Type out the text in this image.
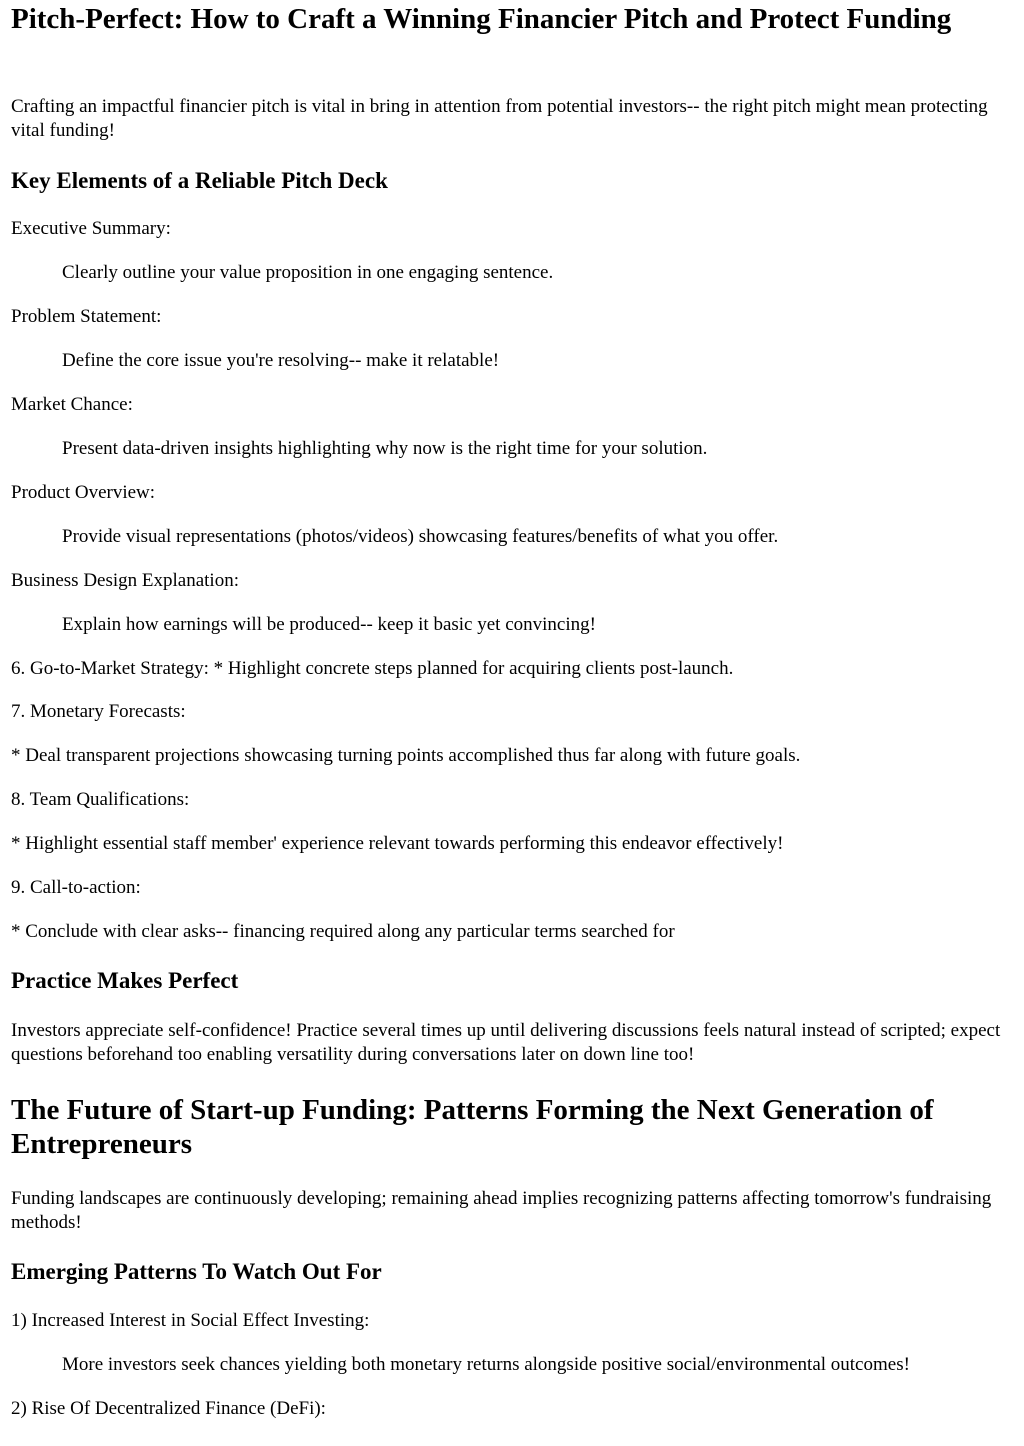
Pitch-Perfect: How to Craft a Winning Financier Pitch and Protect Funding

Crafting an impactful financier pitch is vital in bring in attention from potential investors-- the right pitch might mean protecting vital funding!

Key Elements of a Reliable Pitch Deck

Executive Summary:

Clearly outline your value proposition in one engaging sentence.

Problem Statement:

Define the core issue you're resolving-- make it relatable!

Market Chance:

Present data-driven insights highlighting why now is the right time for your solution.

Product Overview:

Provide visual representations (photos/videos) showcasing features/benefits of what you offer.

Business Design Explanation:

Explain how earnings will be produced-- keep it basic yet convincing!

6. Go-to-Market Strategy: * Highlight concrete steps planned for acquiring clients post-launch.

7. Monetary Forecasts:

* Deal transparent projections showcasing turning points accomplished thus far along with future goals.

8. Team Qualifications:

* Highlight essential staff member' experience relevant towards performing this endeavor effectively!

9. Call-to-action:

* Conclude with clear asks-- financing required along any particular terms searched for

Practice Makes Perfect

Investors appreciate self-confidence! Practice several times up until delivering discussions feels natural instead of scripted; expect questions beforehand too enabling versatility during conversations later on down line too!

The Future of Start-up Funding: Patterns Forming the Next Generation of Entrepreneurs

Funding landscapes are continuously developing; remaining ahead implies recognizing patterns affecting tomorrow's fundraising methods!

Emerging Patterns To Watch Out For

1) Increased Interest in Social Effect Investing:

More investors seek chances yielding both monetary returns alongside positive social/environmental outcomes!

2) Rise Of Decentralized Finance (DeFi):
